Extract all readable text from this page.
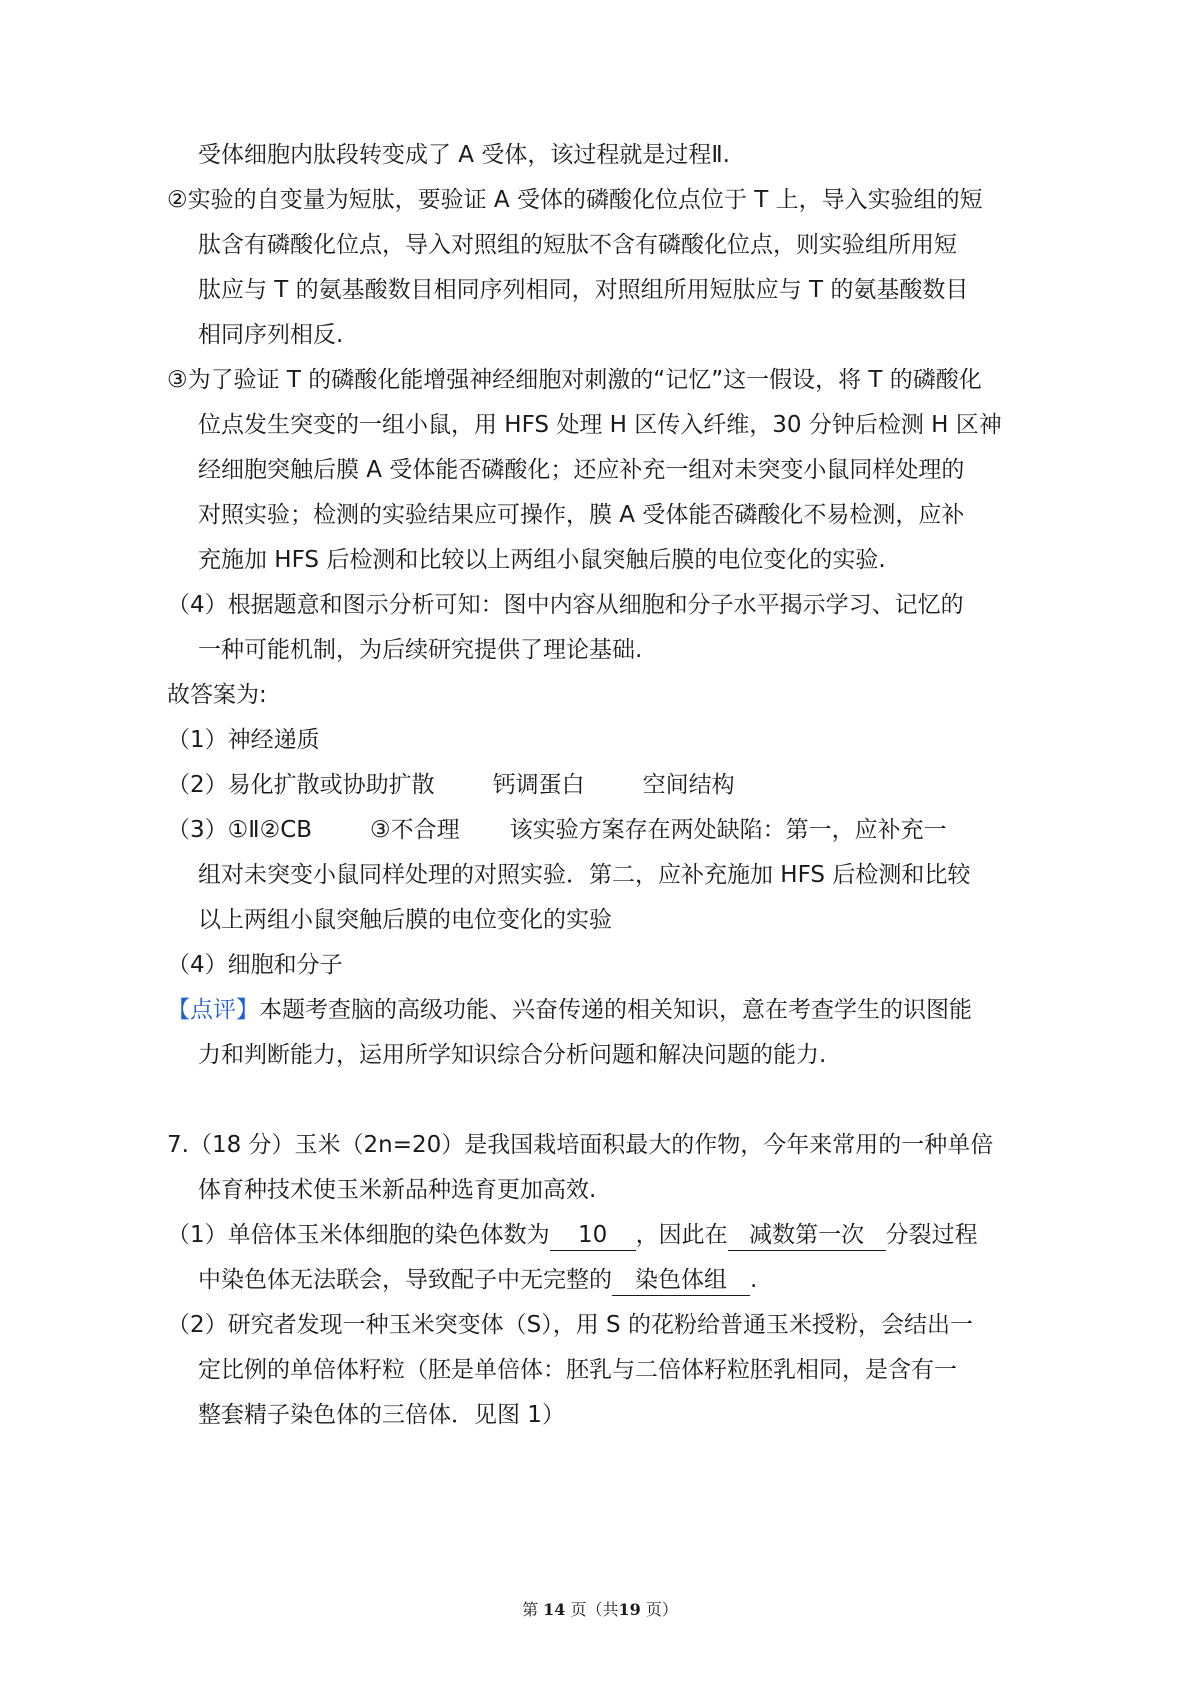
受体细胞内肽段转变成了 A 受体，该过程就是过程Ⅱ.
②实验的自变量为短肽，要验证 A 受体的磷酸化位点位于 T 上，导入实验组的短
肽含有磷酸化位点，导入对照组的短肽不含有磷酸化位点，则实验组所用短
肽应与 T 的氨基酸数目相同序列相同，对照组所用短肽应与 T 的氨基酸数目
相同序列相反.
③为了验证 T 的磷酸化能增强神经细胞对刺激的“记忆”这一假设，将 T 的磷酸化
位点发生突变的一组小鼠，用 HFS 处理 H 区传入纤维，30 分钟后检测 H 区神
经细胞突触后膜 A 受体能否磷酸化；还应补充一组对未突变小鼠同样处理的
对照实验；检测的实验结果应可操作，膜 A 受体能否磷酸化不易检测，应补
充施加 HFS 后检测和比较以上两组小鼠突触后膜的电位变化的实验.
（4）根据题意和图示分析可知：图中内容从细胞和分子水平揭示学习、记忆的
一种可能机制，为后续研究提供了理论基础.
故答案为:
（1）神经递质
（2）易化扩散或协助扩散	钙调蛋白	空间结构
（3）①Ⅱ②CB	③不合理 该实验方案存在两处缺陷：第一，应补充一
组对未突变小鼠同样处理的对照实验．第二，应补充施加 HFS 后检测和比较
以上两组小鼠突触后膜的电位变化的实验
（4）细胞和分子
【点评】本题考查脑的高级功能、兴奋传递的相关知识，意在考查学生的识图能
力和判断能力，运用所学知识综合分析问题和解决问题的能力.
7.（18 分）玉米（2n=20）是我国栽培面积最大的作物，今年来常用的一种单倍
体育种技术使玉米新品种选育更加高效.
（1）单倍体玉米体细胞的染色体数为 10 ，因此在 减数第一次 分裂过程
中染色体无法联会，导致配子中无完整的 染色体组 .
（2）研究者发现一种玉米突变体（S），用 S 的花粉给普通玉米授粉，会结出一
定比例的单倍体籽粒（胚是单倍体：胚乳与二倍体籽粒胚乳相同，是含有一
整套精子染色体的三倍体．见图 1）
第 14 页（共19 页）
